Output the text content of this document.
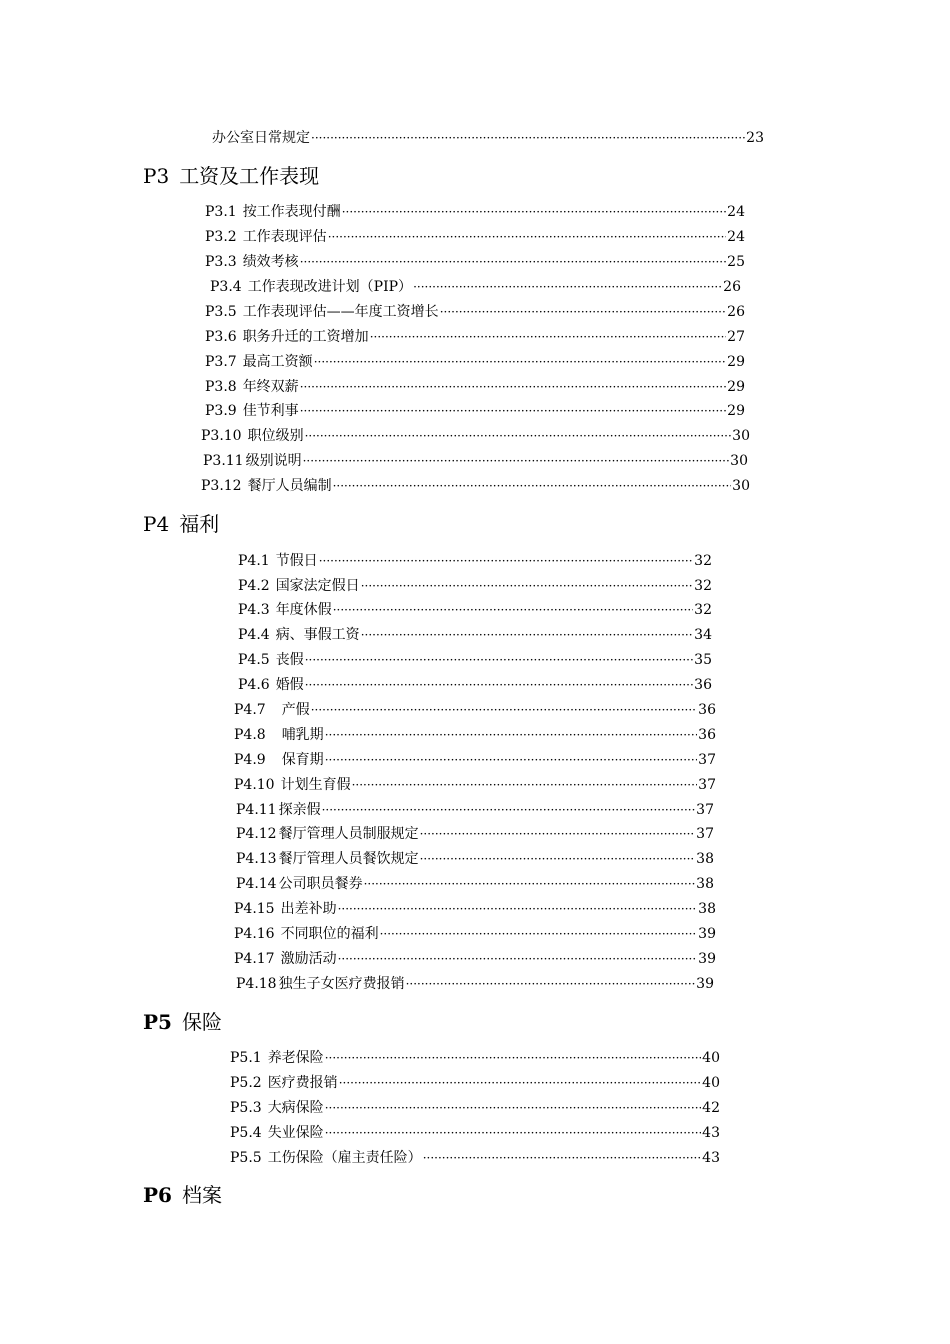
办公室日常规定 ·····	23
P3 工资及工作表现
P3.1 按工作表现付酬 ·····	24
P3.2 工作表现评估 ·····	24
P3.3 绩效考核 ·····	25
P3.4 工作表现改进计划（PIP） ·····	26
P3.5 工作表现评估——年度工资增长 ·····	26
P3.6 职务升迁的工资增加 ·····	27
P3.7 最高工资额 ·····	29
P3.8 年终双薪 ·····	29
P3.9 佳节利事 ·····	29
P3.10 职位级别 ·····	30
P3.11 级别说明 ·····	30
P3.12 餐厅人员编制 ·····	30
P4 福利
P4.1 节假日 ·····	32
P4.2 国家法定假日 ·····	32
P4.3 年度休假 ·····	32
P4.4 病、事假工资 ·····	34
P4.5 丧假 ·····	35
P4.6 婚假 ·····	36
P4.7 产假 ·····	36
P4.8 哺乳期 ·····	36
P4.9 保育期 ·····	37
P4.10 计划生育假 ·····	37
P4.11 探亲假 ·····	37
P4.12 餐厅管理人员制服规定 ·····	37
P4.13 餐厅管理人员餐饮规定 ·····	38
P4.14 公司职员餐券 ·····	38
P4.15 出差补助 ·····	38
P4.16 不同职位的福利 ·····	39
P4.17 激励活动 ·····	39
P4.18 独生子女医疗费报销 ·····	39
P5 保险
P5.1 养老保险 ·····	40
P5.2 医疗费报销 ·····	40
P5.3 大病保险 ·····	42
P5.4 失业保险 ·····	43
P5.5 工伤保险（雇主责任险） ·····	43
P6 档案
